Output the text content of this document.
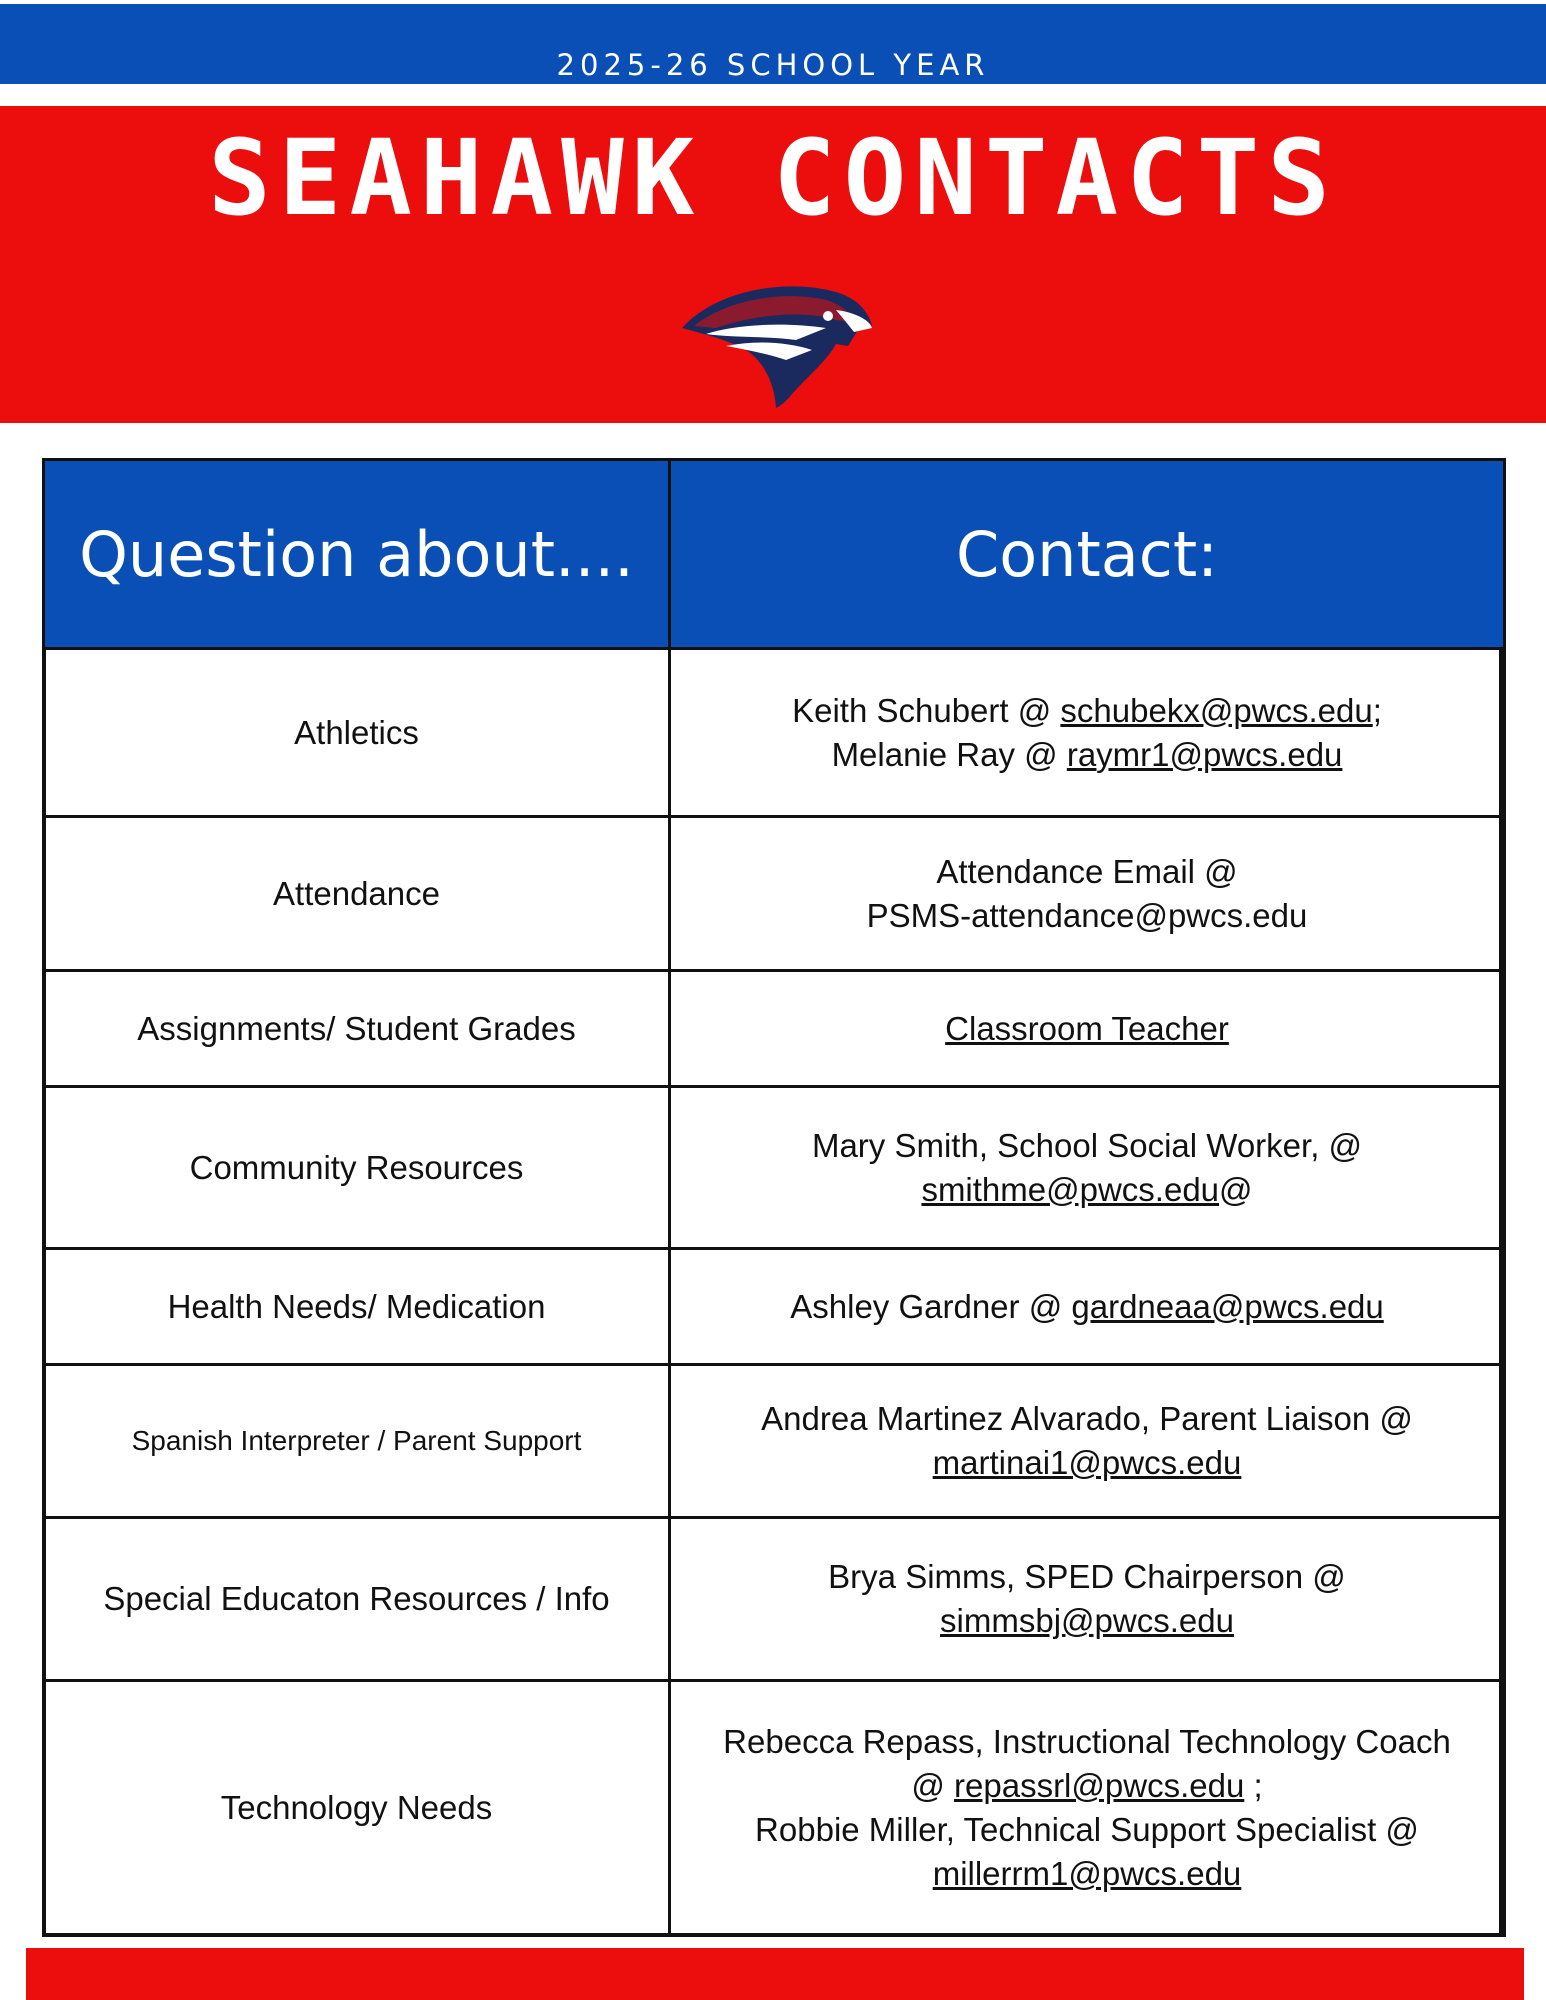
2025-26 SCHOOL YEAR
SEAHAWK CONTACTS
Question about....	Contact:
Athletics	Keith Schubert @ schubekx@pwcs.edu;
Melanie Ray @ raymr1@pwcs.edu
Attendance	Attendance Email @
PSMS-attendance@pwcs.edu
Assignments/ Student Grades	Classroom Teacher
Community Resources	Mary Smith, School Social Worker, @
smithme@pwcs.edu@
Health Needs/ Medication	Ashley Gardner @ gardneaa@pwcs.edu
Spanish Interpreter / Parent Support	Andrea Martinez Alvarado, Parent Liaison @
martinai1@pwcs.edu
Special Educaton Resources / Info	Brya Simms, SPED Chairperson @
simmsbj@pwcs.edu
Technology Needs	Rebecca Repass, Instructional Technology Coach
@ repassrl@pwcs.edu ;
Robbie Miller, Technical Support Specialist @
millerrm1@pwcs.edu
